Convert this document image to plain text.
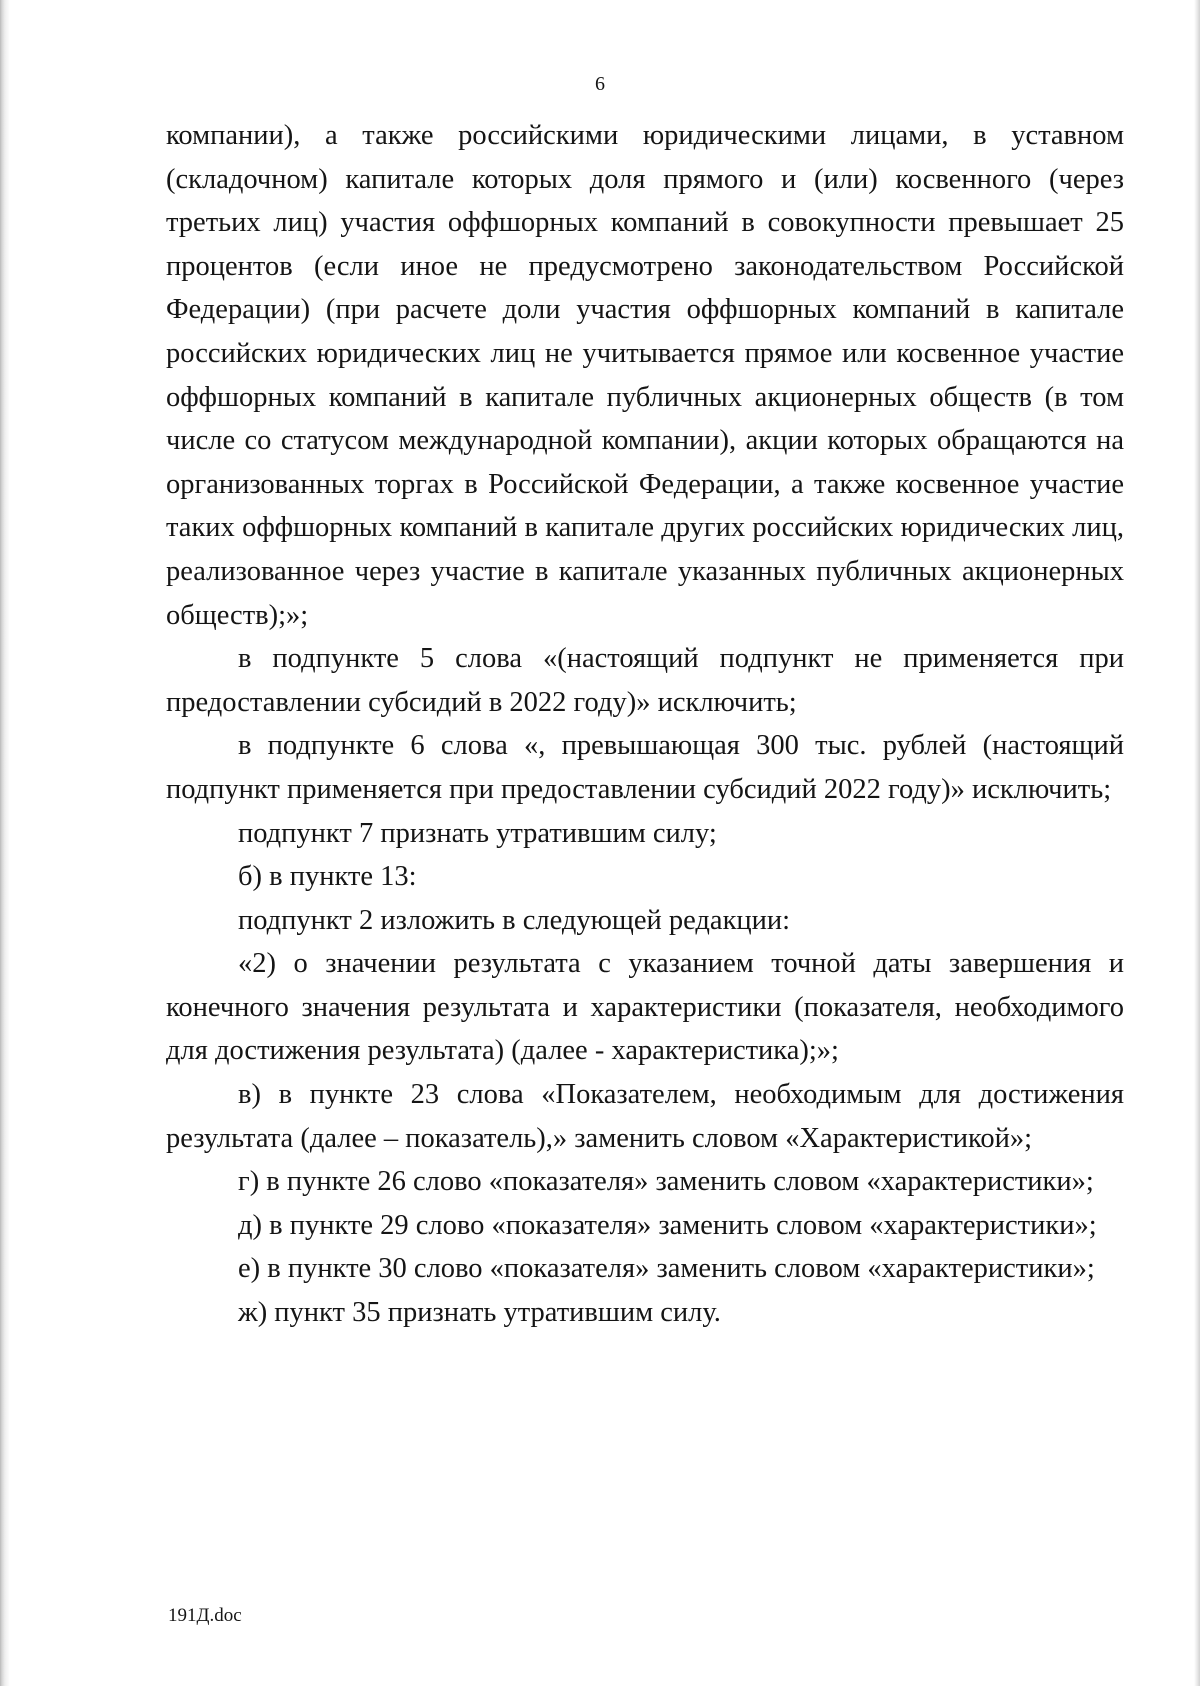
6

компании), а также российскими юридическими лицами, в уставном (складочном) капитале которых доля прямого и (или) косвенного (через третьих лиц) участия оффшорных компаний в совокупности превышает 25 процентов (если иное не предусмотрено законодательством Российской Федерации) (при расчете доли участия оффшорных компаний в капитале российских юридических лиц не учитывается прямое или косвенное участие оффшорных компаний в капитале публичных акционерных обществ (в том числе со статусом международной компании), акции которых обращаются на организованных торгах в Российской Федерации, а также косвенное участие таких оффшорных компаний в капитале других российских юридических лиц, реализованное через участие в капитале указанных публичных акционерных обществ);»;

в подпункте 5 слова «(настоящий подпункт не применяется при предоставлении субсидий в 2022 году)» исключить;

в подпункте 6 слова «, превышающая 300 тыс. рублей (настоящий подпункт применяется при предоставлении субсидий 2022 году)» исключить;

подпункт 7 признать утратившим силу;

б) в пункте 13:

подпункт 2 изложить в следующей редакции:

«2) о значении результата с указанием точной даты завершения и конечного значения результата и характеристики (показателя, необходимого для достижения результата) (далее - характеристика);»;

в) в пункте 23 слова «Показателем, необходимым для достижения результата (далее – показатель),» заменить словом «Характеристикой»;

г) в пункте 26 слово «показателя» заменить словом «характеристики»;

д) в пункте 29 слово «показателя» заменить словом «характеристики»;

е) в пункте 30 слово «показателя» заменить словом «характеристики»;

ж) пункт 35 признать утратившим силу.

191Д.doc
